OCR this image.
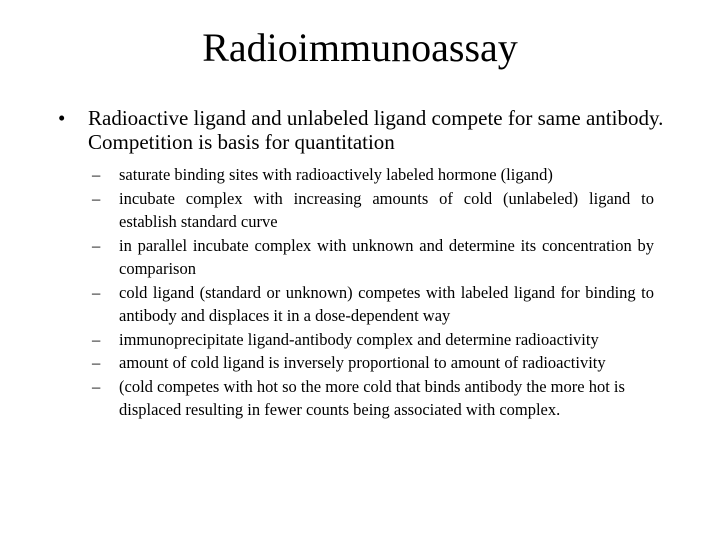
Radioimmunoassay
•	Radioactive ligand and unlabeled ligand compete for same antibody. Competition is basis for quantitation
–	saturate binding sites with radioactively labeled hormone (ligand)
–	incubate complex with increasing amounts of cold (unlabeled) ligand to establish standard curve
–	in parallel incubate complex with unknown and determine its concentration by comparison
–	cold ligand (standard or unknown) competes with labeled ligand for binding to antibody and displaces it in a dose-dependent way
–	immunoprecipitate ligand-antibody complex and determine radioactivity
–	amount of cold ligand is inversely proportional to amount of radioactivity
–	(cold competes with hot so the more cold that binds antibody the more hot is displaced resulting in fewer counts being associated with complex.
